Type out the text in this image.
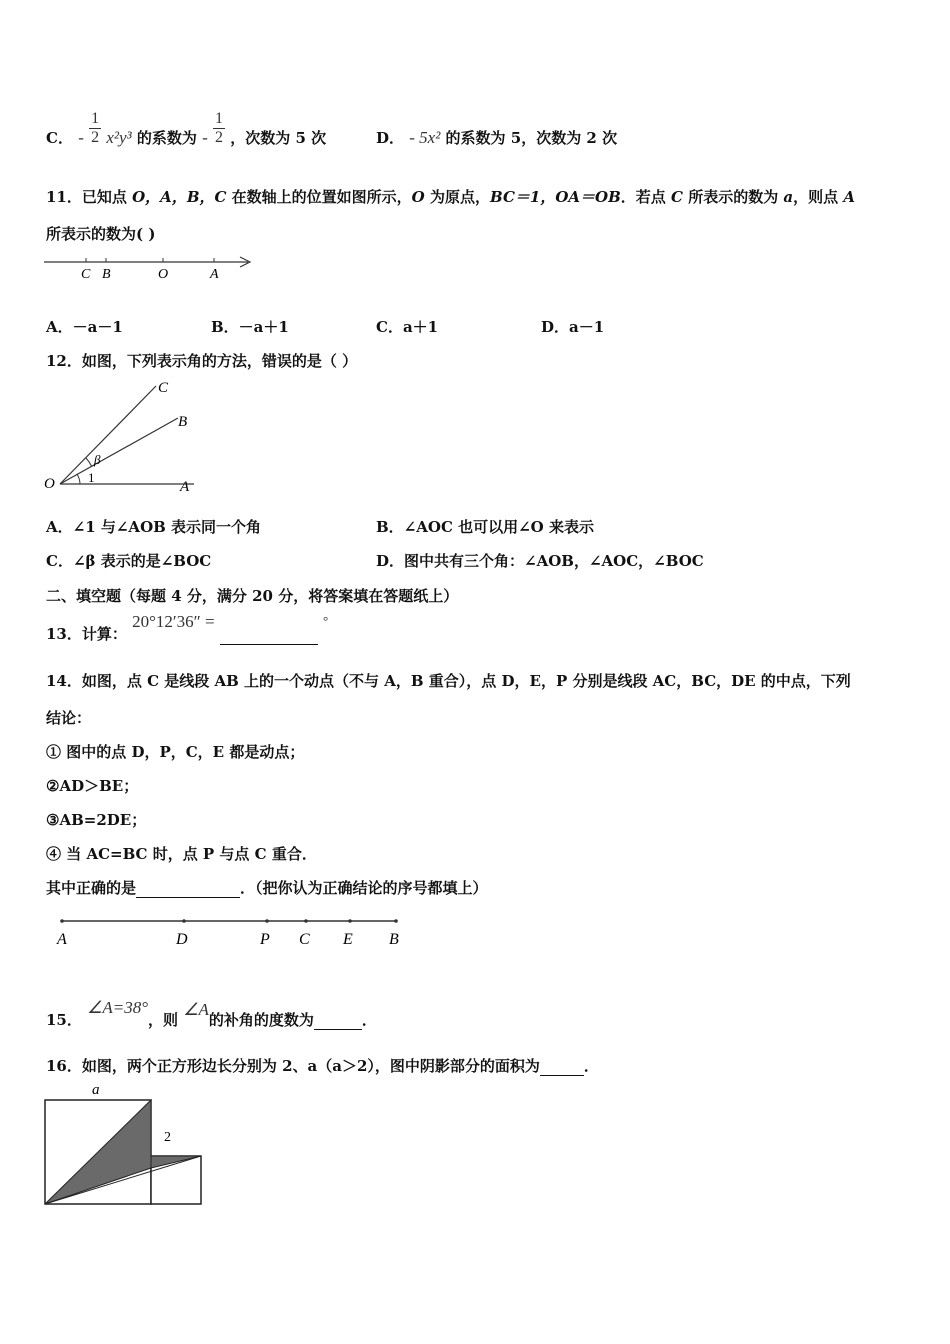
C． - $\frac{1}{2} x^2y^3$ 的系数为 - $\frac{1}{2}$ ，次数为 5 次	D． - 5x² 的系数为 5，次数为 2 次
11．已知点 O，A，B，C 在数轴上的位置如图所示，O 为原点，BC＝1，OA＝OB．若点 C 所表示的数为 a，则点 A
所表示的数为( )
C B	O	A
A．－a－1	B．－a＋1	C．a＋1	D．a－1
12．如图，下列表示角的方法，错误的是（ ）
C
B
β
O	1
A
A．∠1 与∠AOB 表示同一个角	B．∠AOC 也可以用∠O 来表示
C．∠β 表示的是∠BOC	D．图中共有三个角：∠AOB，∠AOC，∠BOC
二、填空题（每题 4 分，满分 20 分，将答案填在答题纸上）
13．计算： 20°12′36″ =	°
14．如图，点 C 是线段 AB 上的一个动点（不与 A，B 重合），点 D，E，P 分别是线段 AC，BC，DE 的中点，下列
结论：
① 图中的点 D，P，C，E 都是动点；
②AD＞BE；
③AB=2DE；
④ 当 AC=BC 时，点 P 与点 C 重合．
其中正确的是	．（把你认为正确结论的序号都填上）
A	D	P C E B
15． ∠A=38°，则 ∠A的补角的度数为	．
16．如图，两个正方形边长分别为 2、a（a＞2），图中阴影部分的面积为	．
a
2
